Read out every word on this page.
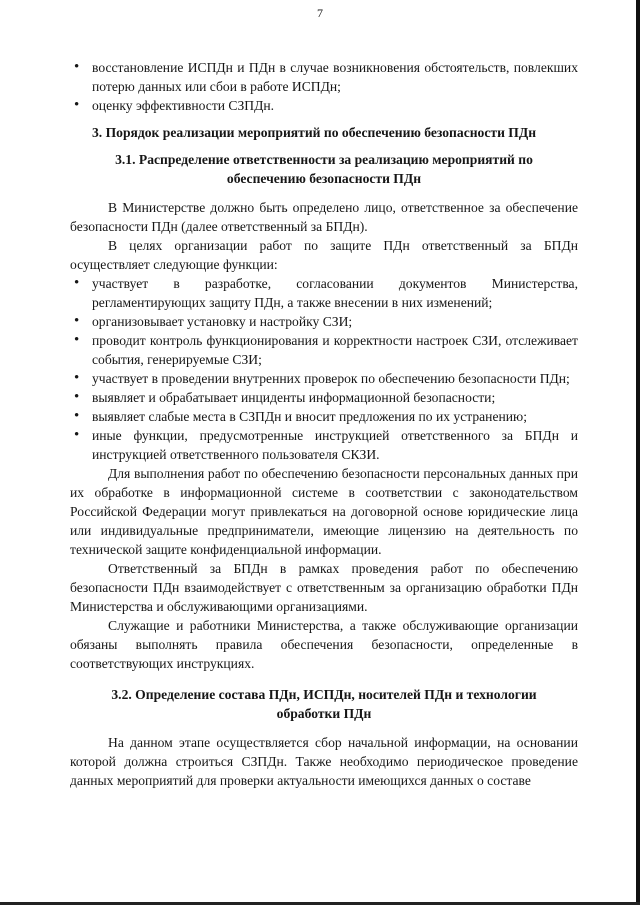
7
• восстановление ИСПДн и ПДн в случае возникновения обстоятельств, повлекших потерю данных или сбои в работе ИСПДн;
• оценку эффективности СЗПДн.
3. Порядок реализации мероприятий по обеспечению безопасности ПДн
3.1. Распределение ответственности за реализацию мероприятий по обеспечению безопасности ПДн

В Министерстве должно быть определено лицо, ответственное за обеспечение безопасности ПДн (далее ответственный за БПДн).

В целях организации работ по защите ПДн ответственный за БПДн осуществляет следующие функции:

• участвует в разработке, согласовании документов Министерства, регламентирующих защиту ПДн, а также внесении в них изменений;
• организовывает установку и настройку СЗИ;
• проводит контроль функционирования и корректности настроек СЗИ, отслеживает события, генерируемые СЗИ;
• участвует в проведении внутренних проверок по обеспечению безопасности ПДн;
• выявляет и обрабатывает инциденты информационной безопасности;
• выявляет слабые места в СЗПДн и вносит предложения по их устранению;
• иные функции, предусмотренные инструкцией ответственного за БПДн и инструкцией ответственного пользователя СКЗИ.

Для выполнения работ по обеспечению безопасности персональных данных при их обработке в информационной системе в соответствии с законодательством Российской Федерации могут привлекаться на договорной основе юридические лица или индивидуальные предприниматели, имеющие лицензию на деятельность по технической защите конфиденциальной информации.

Ответственный за БПДн в рамках проведения работ по обеспечению безопасности ПДн взаимодействует с ответственным за организацию обработки ПДн Министерства и обслуживающими организациями.

Служащие и работники Министерства, а также обслуживающие организации обязаны выполнять правила обеспечения безопасности, определенные в соответствующих инструкциях.

3.2. Определение состава ПДн, ИСПДн, носителей ПДн и технологии обработки ПДн

На данном этапе осуществляется сбор начальной информации, на основании которой должна строиться СЗПДн. Также необходимо периодическое проведение данных мероприятий для проверки актуальности имеющихся данных о составе
